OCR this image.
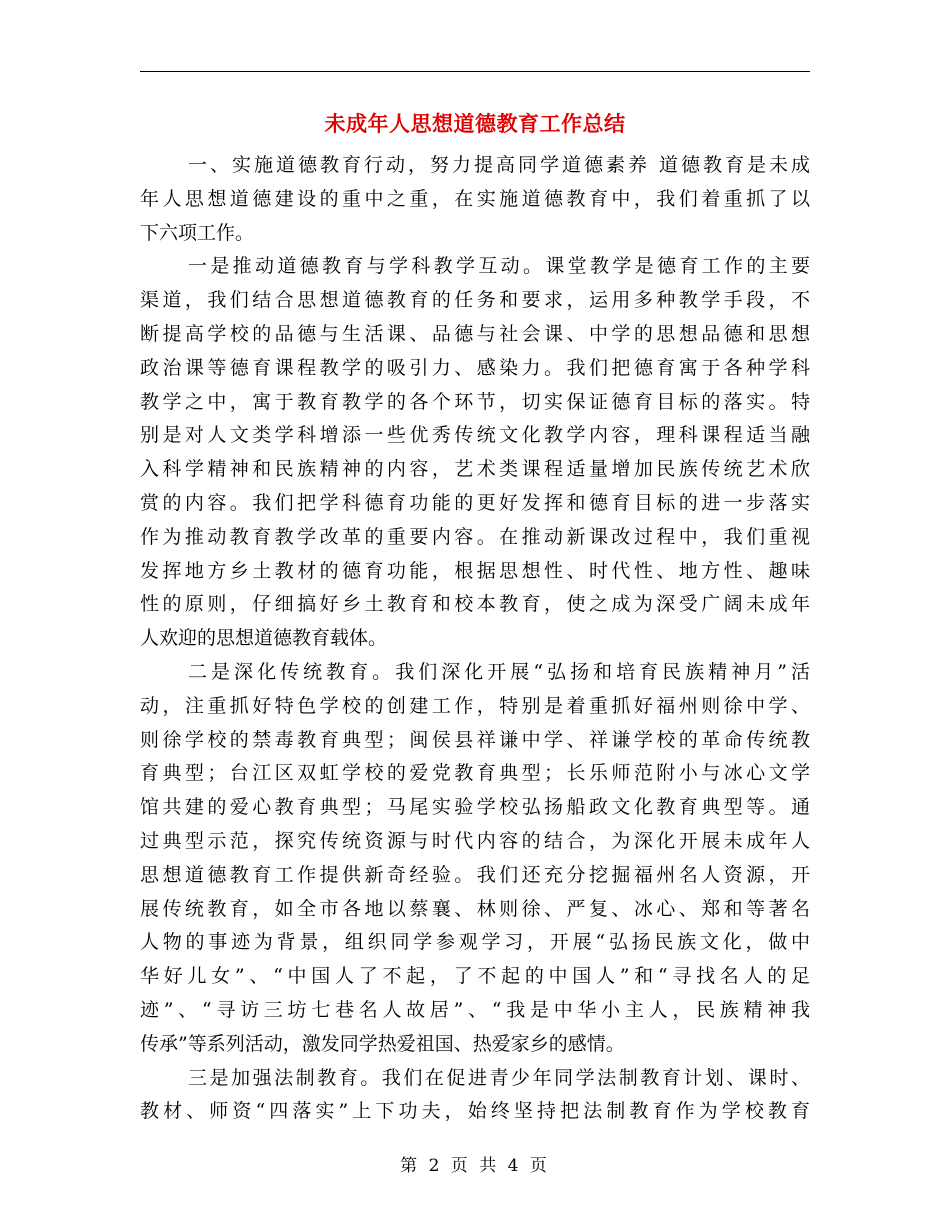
未成年人思想道德教育工作总结
一、实施道德教育行动，努力提高同学道德素养 道德教育是未成
年人思想道德建设的重中之重，在实施道德教育中，我们着重抓了以
下六项工作。
一是推动道德教育与学科教学互动。课堂教学是德育工作的主要
渠道，我们结合思想道德教育的任务和要求，运用多种教学手段，不
断提高学校的品德与生活课、品德与社会课、中学的思想品德和思想
政治课等德育课程教学的吸引力、感染力。我们把德育寓于各种学科
教学之中，寓于教育教学的各个环节，切实保证德育目标的落实。特
别是对人文类学科增添一些优秀传统文化教学内容，理科课程适当融
入科学精神和民族精神的内容，艺术类课程适量增加民族传统艺术欣
赏的内容。我们把学科德育功能的更好发挥和德育目标的进一步落实
作为推动教育教学改革的重要内容。在推动新课改过程中，我们重视
发挥地方乡土教材的德育功能，根据思想性、时代性、地方性、趣味
性的原则，仔细搞好乡土教育和校本教育，使之成为深受广阔未成年
人欢迎的思想道德教育载体。
二是深化传统教育。我们深化开展“弘扬和培育民族精神月”活
动，注重抓好特色学校的创建工作，特别是着重抓好福州则徐中学、
则徐学校的禁毒教育典型；闽侯县祥谦中学、祥谦学校的革命传统教
育典型；台江区双虹学校的爱党教育典型；长乐师范附小与冰心文学
馆共建的爱心教育典型；马尾实验学校弘扬船政文化教育典型等。通
过典型示范，探究传统资源与时代内容的结合，为深化开展未成年人
思想道德教育工作提供新奇经验。我们还充分挖掘福州名人资源，开
展传统教育，如全市各地以蔡襄、林则徐、严复、冰心、郑和等著名
人物的事迹为背景，组织同学参观学习，开展“弘扬民族文化，做中
华好儿女”、“中国人了不起，了不起的中国人”和“寻找名人的足
迹”、“寻访三坊七巷名人故居”、“我是中华小主人，民族精神我
传承”等系列活动，激发同学热爱祖国、热爱家乡的感情。
三是加强法制教育。我们在促进青少年同学法制教育计划、课时、
教材、师资“四落实”上下功夫，始终坚持把法制教育作为学校教育
第 2 页 共 4 页
